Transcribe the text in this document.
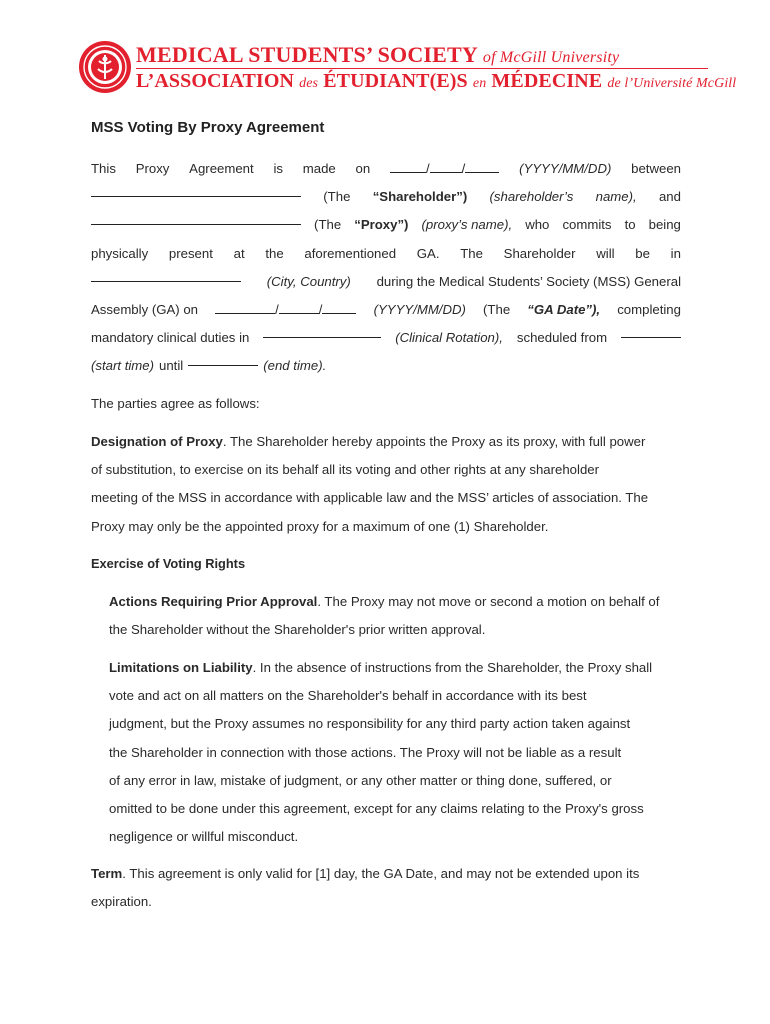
MEDICAL STUDENTS’ SOCIETY of McGill University
L’ASSOCIATION des ÉTUDIANT(E)S en MÉDECINE de l’Université McGill
MSS Voting By Proxy Agreement
This Proxy Agreement is made on	/ /	(YYYY/MM/DD) between
(The “Shareholder”) (shareholder’s name), and
(The “Proxy”) (proxy’s name), who commits to being
physically present at the aforementioned GA. The Shareholder will be in
(City, Country) during the Medical Students’ Society (MSS) General
Assembly (GA) on	/	/	(YYYY/MM/DD) (The “GA Date”), completing
mandatory clinical duties in	(Clinical Rotation), scheduled from
(start time) until	(end time).
The parties agree as follows:
Designation of Proxy. The Shareholder hereby appoints the Proxy as its proxy, with full power
of substitution, to exercise on its behalf all its voting and other rights at any shareholder
meeting of the MSS in accordance with applicable law and the MSS’ articles of association. The
Proxy may only be the appointed proxy for a maximum of one (1) Shareholder.
Exercise of Voting Rights
Actions Requiring Prior Approval. The Proxy may not move or second a motion on behalf of
the Shareholder without the Shareholder's prior written approval.
Limitations on Liability. In the absence of instructions from the Shareholder, the Proxy shall
vote and act on all matters on the Shareholder's behalf in accordance with its best
judgment, but the Proxy assumes no responsibility for any third party action taken against
the Shareholder in connection with those actions. The Proxy will not be liable as a result
of any error in law, mistake of judgment, or any other matter or thing done, suffered, or
omitted to be done under this agreement, except for any claims relating to the Proxy's gross
negligence or willful misconduct.
Term. This agreement is only valid for [1] day, the GA Date, and may not be extended upon its
expiration.
